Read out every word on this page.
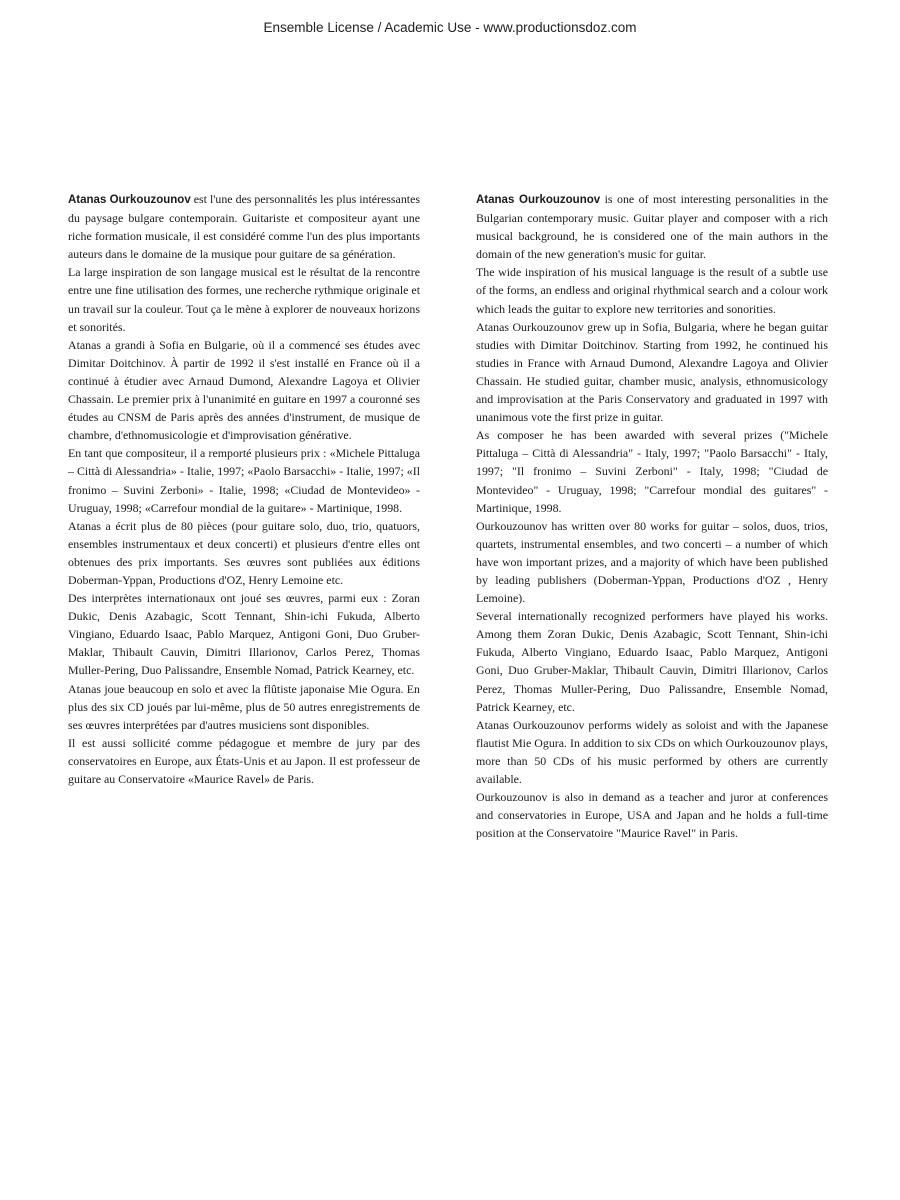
Ensemble License / Academic Use - www.productionsdoz.com

Atanas Ourkouzounov est l'une des personnalités les plus intéressantes du paysage bulgare contemporain. Guitariste et compositeur ayant une riche formation musicale, il est considéré comme l'un des plus importants auteurs dans le domaine de la musique pour guitare de sa génération.

La large inspiration de son langage musical est le résultat de la rencontre entre une fine utilisation des formes, une recherche rythmique originale et un travail sur la couleur. Tout ça le mène à explorer de nouveaux horizons et sonorités.

Atanas a grandi à Sofia en Bulgarie, où il a commencé ses études avec Dimitar Doitchinov. À partir de 1992 il s'est installé en France où il a continué à étudier avec Arnaud Dumond, Alexandre Lagoya et Olivier Chassain. Le premier prix à l'unanimité en guitare en 1997 a couronné ses études au CNSM de Paris après des années d'instrument, de musique de chambre, d'ethnomusicologie et d'improvisation générative.

En tant que compositeur, il a remporté plusieurs prix : «Michele Pittaluga – Città di Alessandria» - Italie, 1997; «Paolo Barsacchi» - Italie, 1997; «Il fronimo – Suvini Zerboni» - Italie, 1998; «Ciudad de Montevideo» - Uruguay, 1998; «Carrefour mondial de la guitare» - Martinique, 1998.

Atanas a écrit plus de 80 pièces (pour guitare solo, duo, trio, quatuors, ensembles instrumentaux et deux concerti) et plusieurs d'entre elles ont obtenues des prix importants. Ses œuvres sont publiées aux éditions Doberman-Yppan, Productions d'OZ, Henry Lemoine etc.

Des interprètes internationaux ont joué ses œuvres, parmi eux : Zoran Dukic, Denis Azabagic, Scott Tennant, Shin-ichi Fukuda, Alberto Vingiano, Eduardo Isaac, Pablo Marquez, Antigoni Goni, Duo Gruber-Maklar, Thibault Cauvin, Dimitri Illarionov, Carlos Perez, Thomas Muller-Pering, Duo Palissandre, Ensemble Nomad, Patrick Kearney, etc.

Atanas joue beaucoup en solo et avec la flûtiste japonaise Mie Ogura. En plus des six CD joués par lui-même, plus de 50 autres enregistrements de ses œuvres interprétées par d'autres musiciens sont disponibles.

Il est aussi sollicité comme pédagogue et membre de jury par des conservatoires en Europe, aux États-Unis et au Japon. Il est professeur de guitare au Conservatoire «Maurice Ravel» de Paris.

Atanas Ourkouzounov is one of most interesting personalities in the Bulgarian contemporary music. Guitar player and composer with a rich musical background, he is considered one of the main authors in the domain of the new generation's music for guitar.

The wide inspiration of his musical language is the result of a subtle use of the forms, an endless and original rhythmical search and a colour work which leads the guitar to explore new territories and sonorities.

Atanas Ourkouzounov grew up in Sofia, Bulgaria, where he began guitar studies with Dimitar Doitchinov. Starting from 1992, he continued his studies in France with Arnaud Dumond, Alexandre Lagoya and Olivier Chassain. He studied guitar, chamber music, analysis, ethnomusicology and improvisation at the Paris Conservatory and graduated in 1997 with unanimous vote the first prize in guitar.

As composer he has been awarded with several prizes ("Michele Pittaluga – Città di Alessandria" - Italy, 1997; "Paolo Barsacchi" - Italy, 1997; "Il fronimo – Suvini Zerboni" - Italy, 1998; "Ciudad de Montevideo" - Uruguay, 1998; "Carrefour mondial des guitares" - Martinique, 1998.

Ourkouzounov has written over 80 works for guitar – solos, duos, trios, quartets, instrumental ensembles, and two concerti – a number of which have won important prizes, and a majority of which have been published by leading publishers (Doberman-Yppan, Productions d'OZ , Henry Lemoine).

Several internationally recognized performers have played his works. Among them Zoran Dukic, Denis Azabagic, Scott Tennant, Shin-ichi Fukuda, Alberto Vingiano, Eduardo Isaac, Pablo Marquez, Antigoni Goni, Duo Gruber-Maklar, Thibault Cauvin, Dimitri Illarionov, Carlos Perez, Thomas Muller-Pering, Duo Palissandre, Ensemble Nomad, Patrick Kearney, etc.

Atanas Ourkouzounov performs widely as soloist and with the Japanese flautist Mie Ogura. In addition to six CDs on which Ourkouzounov plays, more than 50 CDs of his music performed by others are currently available.

Ourkouzounov is also in demand as a teacher and juror at conferences and conservatories in Europe, USA and Japan and he holds a full-time position at the Conservatoire "Maurice Ravel" in Paris.
